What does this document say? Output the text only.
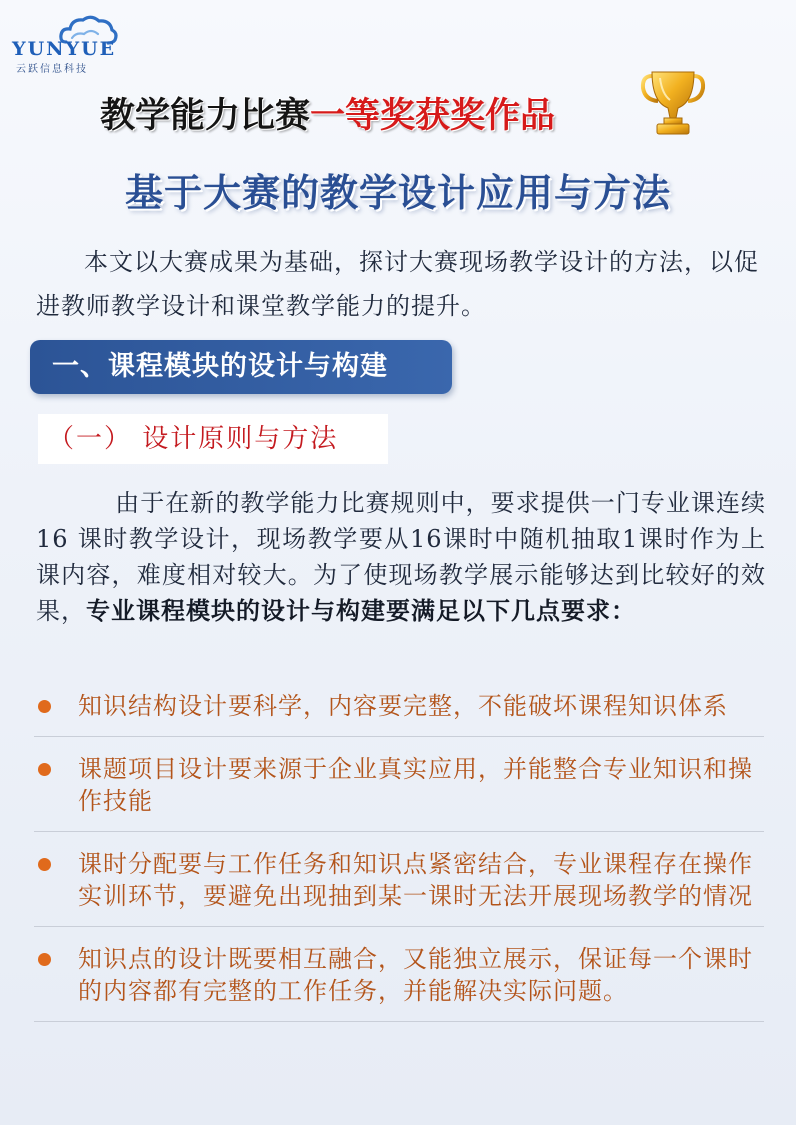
YUNYUE
云跃信息科技
教学能力比赛一等奖获奖作品
基于大赛的教学设计应用与方法

本文以大赛成果为基础，探讨大赛现场教学设计的方法，以促进教师教学设计和课堂教学能力的提升。

一、课程模块的设计与构建
（一） 设计原则与方法

由于在新的教学能力比赛规则中，要求提供一门专业课连续 16 课时教学设计，现场教学要从16课时中随机抽取1课时作为上课内容，难度相对较大。为了使现场教学展示能够达到比较好的效果，专业课程模块的设计与构建要满足以下几点要求：

知识结构设计要科学，内容要完整，不能破坏课程知识体系
课题项目设计要来源于企业真实应用，并能整合专业知识和操作技能
课时分配要与工作任务和知识点紧密结合，专业课程存在操作实训环节，要避免出现抽到某一课时无法开展现场教学的情况
知识点的设计既要相互融合，又能独立展示，保证每一个课时的内容都有完整的工作任务，并能解决实际问题。
